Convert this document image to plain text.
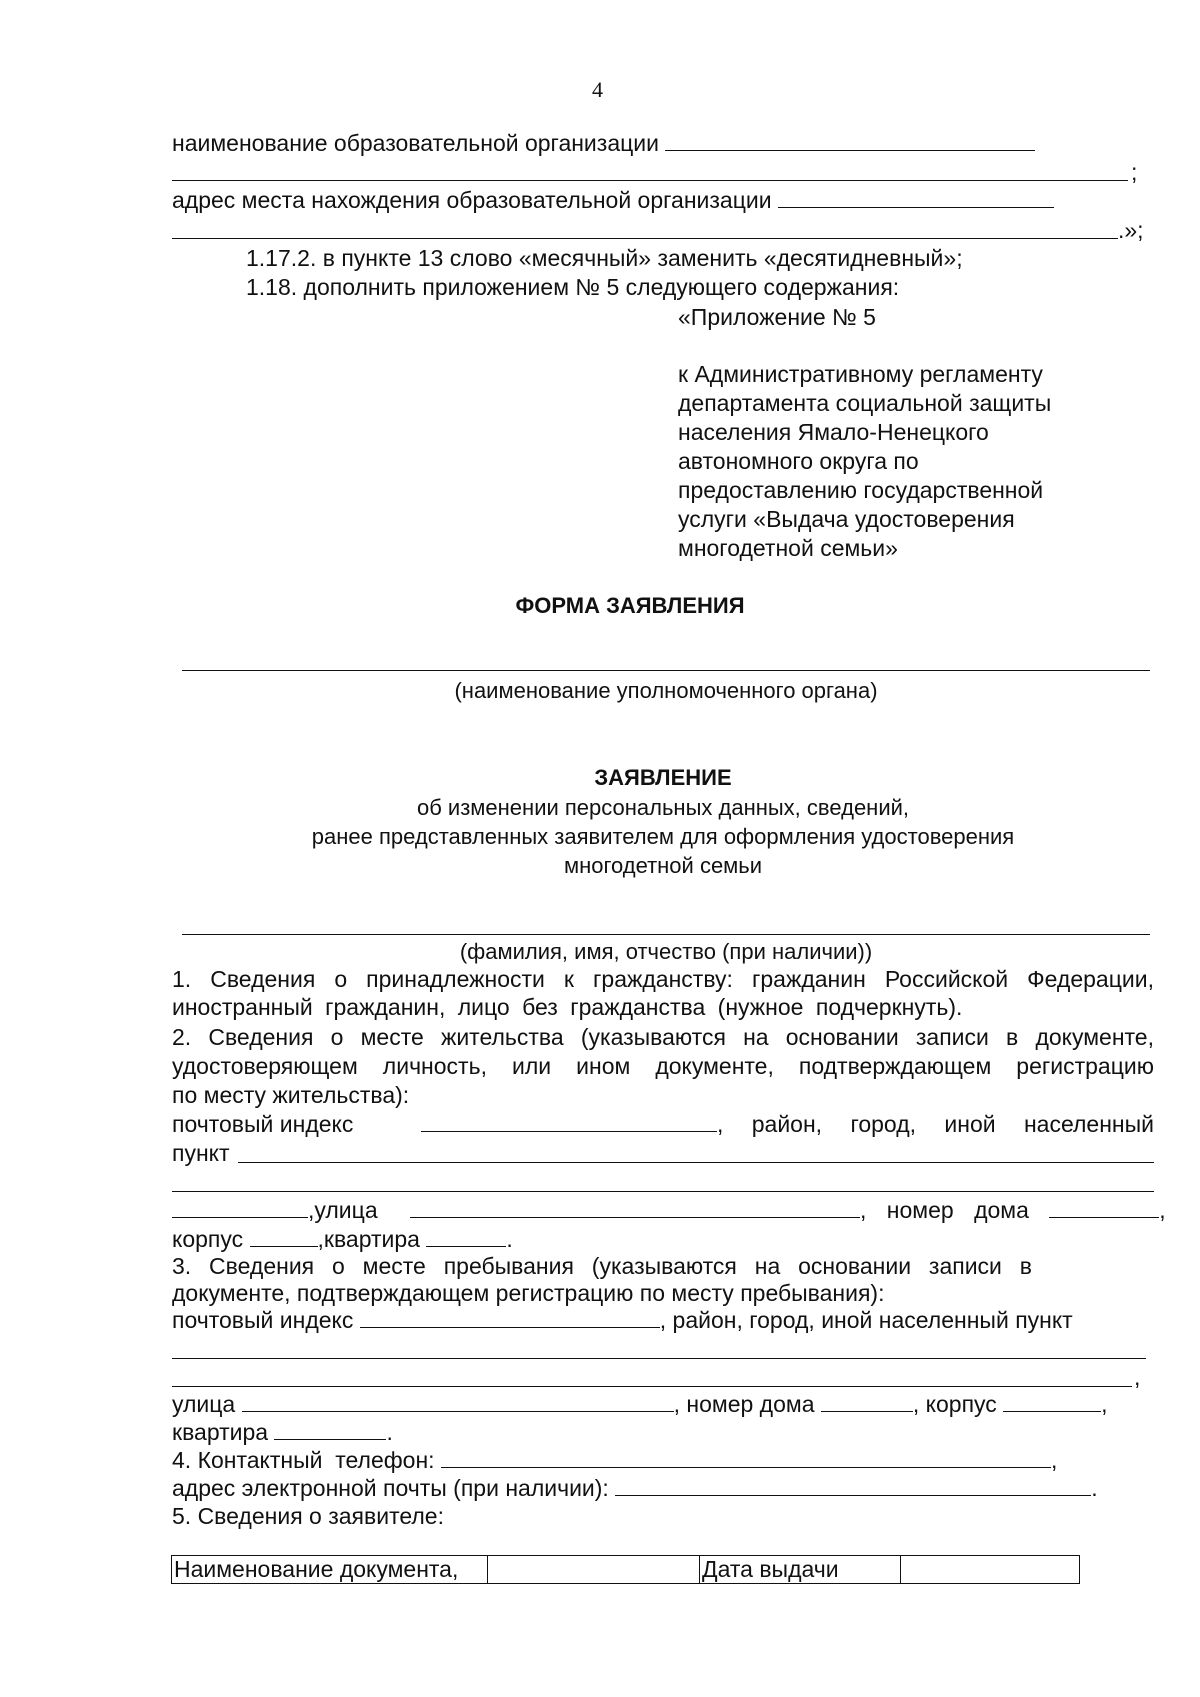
4
наименование образовательной организации
;
адрес места нахождения образовательной организации
.»;
1.17.2. в пункте 13 слово «месячный» заменить «десятидневный»;
1.18. дополнить приложением № 5 следующего содержания:
«Приложение № 5
к Административному регламенту
департамента социальной защиты
населения Ямало-Ненецкого
автономного округа по
предоставлению государственной
услуги «Выдача удостоверения
многодетной семьи»
ФОРМА ЗАЯВЛЕНИЯ
(наименование уполномоченного органа)
ЗАЯВЛЕНИЕ
об изменении персональных данных, сведений,
ранее представленных заявителем для оформления удостоверения
многодетной семьи
(фамилия, имя, отчество (при наличии))
1. Сведения о принадлежности к гражданству: гражданин Российской Федерации,
иностранный гражданин, лицо без гражданства (нужное подчеркнуть).
2. Сведения о месте жительства (указываются на основании записи в документе,
удостоверяющем личность, или ином документе, подтверждающем регистрацию
по месту жительства):
почтовый индекс	, район, город, иной населенный
пункт
,улица	, номер дома	,
корпус	,квартира	.
3. Сведения о месте пребывания (указываются на основании записи в
документе, подтверждающем регистрацию по месту пребывания):
почтовый индекс	, район, город, иной населенный пункт
,
улица	, номер дома	, корпус	,
квартира	.
4. Контактный  телефон:	,
адрес электронной почты (при наличии):	.
5. Сведения о заявителе:
Наименование документа,		Дата выдачи	
